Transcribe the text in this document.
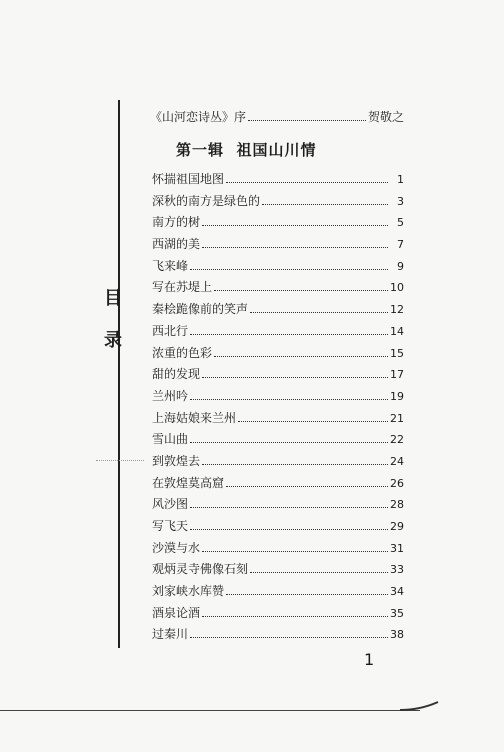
目
录
《山河恋诗丛》序	贺敬之
第一辑 祖国山川情
怀揣祖国地图	1
深秋的南方是绿色的	3
南方的树	5
西湖的美	7
飞来峰	9
写在苏堤上	10
秦桧跪像前的笑声	12
西北行	14
浓重的色彩	15
甜的发现	17
兰州吟	19
上海姑娘来兰州	21
雪山曲	22
到敦煌去	24
在敦煌莫高窟	26
风沙图	28
写飞天	29
沙漠与水	31
观炳灵寺佛像石刻	33
刘家峡水库赞	34
酒泉论酒	35
过秦川	38
1
